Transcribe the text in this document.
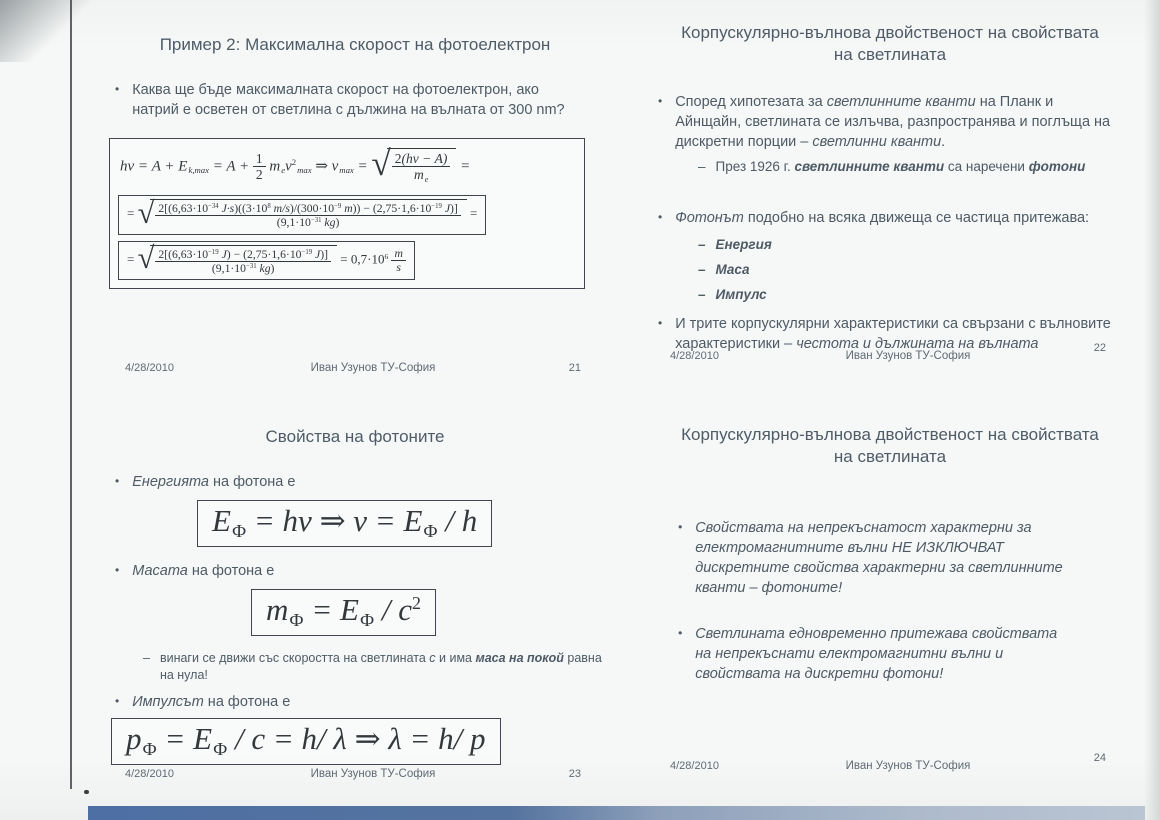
Пример 2: Максимална скорост на фотоелектрон
• Каква ще бъде максималната скорост на фотоелектрон, ако натрий е осветен от светлина с дължина на вълната от 300 nm?
$h\nu = A + E_{k,max} = A + \frac{1}{2} m_ev^2_{max}$ ⇒ $v_{max}$ = √ $\frac{2(h\nu - A)}{m_e}$ =
= √ $2[(6,63\cdot 10^{-34}$ $J\cdot s)((3\cdot 10^8$ $m/s)/(300\cdot 10^{-9}$ $m)) - (2,75\cdot 1,6\cdot 10^{-19}$ J)]
($9,1\cdot 10^{-31}$ kg)
=
= √ $\frac{2[(6,63\cdot 10^{-19} J) - (2,75\cdot 1,6\cdot 10^{-19} J)]}{(9,1\cdot 10^{-31} kg)} = 0,7\cdot 10^6 \frac{m}{s}$
4/28/2010	Иван Узунов ТУ-София	21
Корпускулярно-вълнова двойственост на свойствата
на светлината
• Според хипотезата за светлинните кванти на Планк и Айнщайн, светлината се излъчва, разпространява и поглъща на дискретни порции – светлинни кванти.
– През 1926 г. светлинните кванти са наречени фотони
• Фотонът подобно на всяка движеща се частица притежава:
– Енергия
– Маса
– Импулс
• И трите корпускулярни характеристики са свързани с вълновите характеристики – честота и дължината на вълната
4/28/2010	Иван Узунов ТУ-София
22
Свойства на фотоните
• Енергията на фотона е
$E_Ф = h\nu$ ⇒ $\nu = E_Ф / h$
• Масата на фотона е
$m_Ф = E_Ф / c^2$
– винаги се движи със скоростта на светлината c и има маса на покой равна на нула!
• Импулсът на фотона е
$p_Ф = E_Ф / c = h/$ λ ⇒ λ = h/ p
4/28/2010	Иван Узунов ТУ-София	23
Корпускулярно-вълнова двойственост на свойствата
на светлината
• Свойствата на непрекъснатост характерни за електромагнитните вълни НЕ ИЗКЛЮЧВАТ дискретните свойства характерни за светлинните кванти – фотоните!
• Светлината едновременно притежава свойствата на непрекъснати електромагнитни вълни и свойствата на дискретни фотони!
4/28/2010	Иван Узунов ТУ-София
24
